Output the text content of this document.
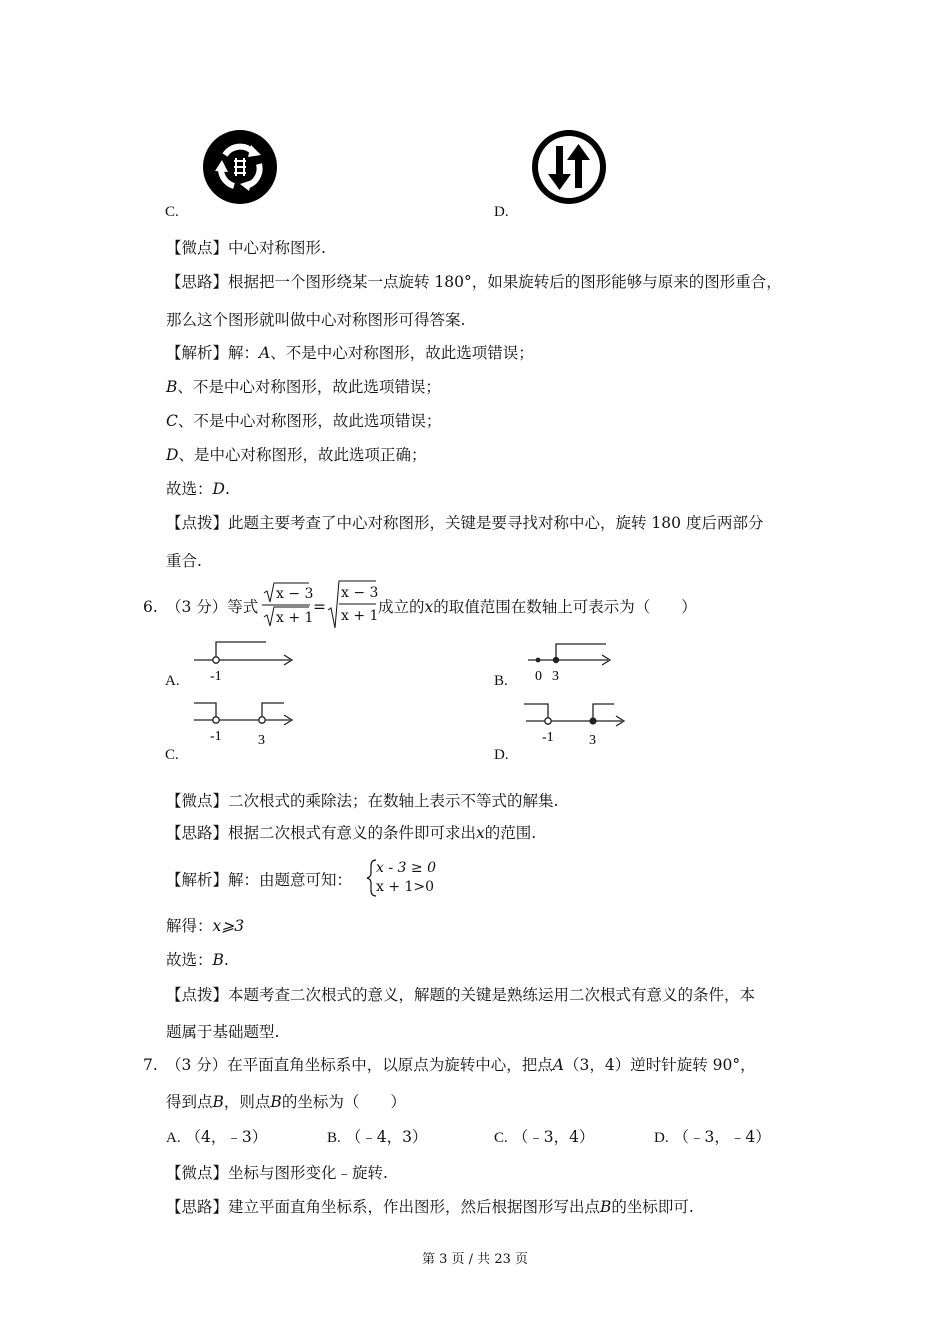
C.	D.
【微点】中心对称图形.
【思路】根据把一个图形绕某一点旋转 180°，如果旋转后的图形能够与原来的图形重合，
那么这个图形就叫做中心对称图形可得答案.
【解析】解：A、不是中心对称图形，故此选项错误；
B、不是中心对称图形，故此选项错误；
C、不是中心对称图形，故此选项错误；
D、是中心对称图形，故此选项正确；
故选：D.
【点拨】此题主要考查了中心对称图形，关键是要寻找对称中心，旋转 180 度后两部分
重合.
6. （3 分）等式
x − 3
x + 1
=
x − 3
x + 1 成立的x的取值范围在数轴上可表示为（　　）
-1
A.	0 3
B.
-1	3
C.
-1	3
D.
【微点】二次根式的乘除法；在数轴上表示不等式的解集.
【思路】根据二次根式有意义的条件即可求出x的范围.
【解析】解：由题意可知：
x - 3 ≥ 0
x + 1>0
解得：x⩾3
故选：B.
【点拨】本题考查二次根式的意义，解题的关键是熟练运用二次根式有意义的条件，本
题属于基础题型.
7. （3 分）在平面直角坐标系中，以原点为旋转中心，把点A（3，4）逆时针旋转 90°，
得到点B，则点B的坐标为（　　）
A. （4，﹣3）	B. （﹣4，3）	C. （﹣3，4）	D. （﹣3，﹣4）
【微点】坐标与图形变化﹣旋转.
【思路】建立平面直角坐标系，作出图形，然后根据图形写出点B的坐标即可.
第 3 页 / 共 23 页
